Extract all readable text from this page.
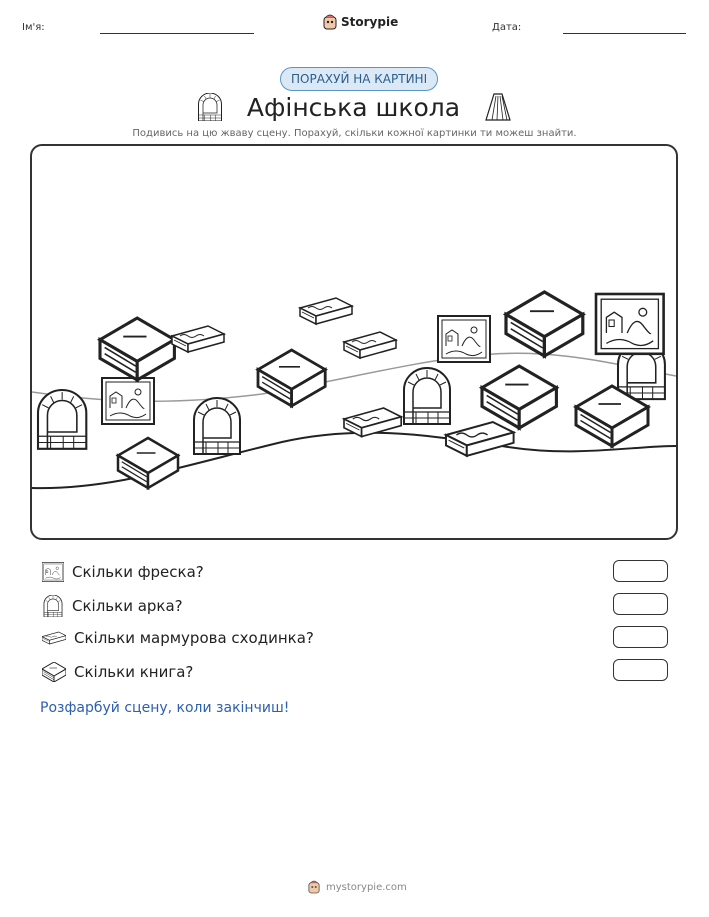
Ім'я:	Storypie	Дата:
ПОРАХУЙ НА КАРТИНІ
Афінська школа
Подивись на цю жваву сцену. Порахуй, скільки кожної картинки ти можеш знайти.
Скільки фреска?
Скільки арка?
Скільки мармурова сходинка?
Скільки книга?
Розфарбуй сцену, коли закінчиш!
mystorypie.com
